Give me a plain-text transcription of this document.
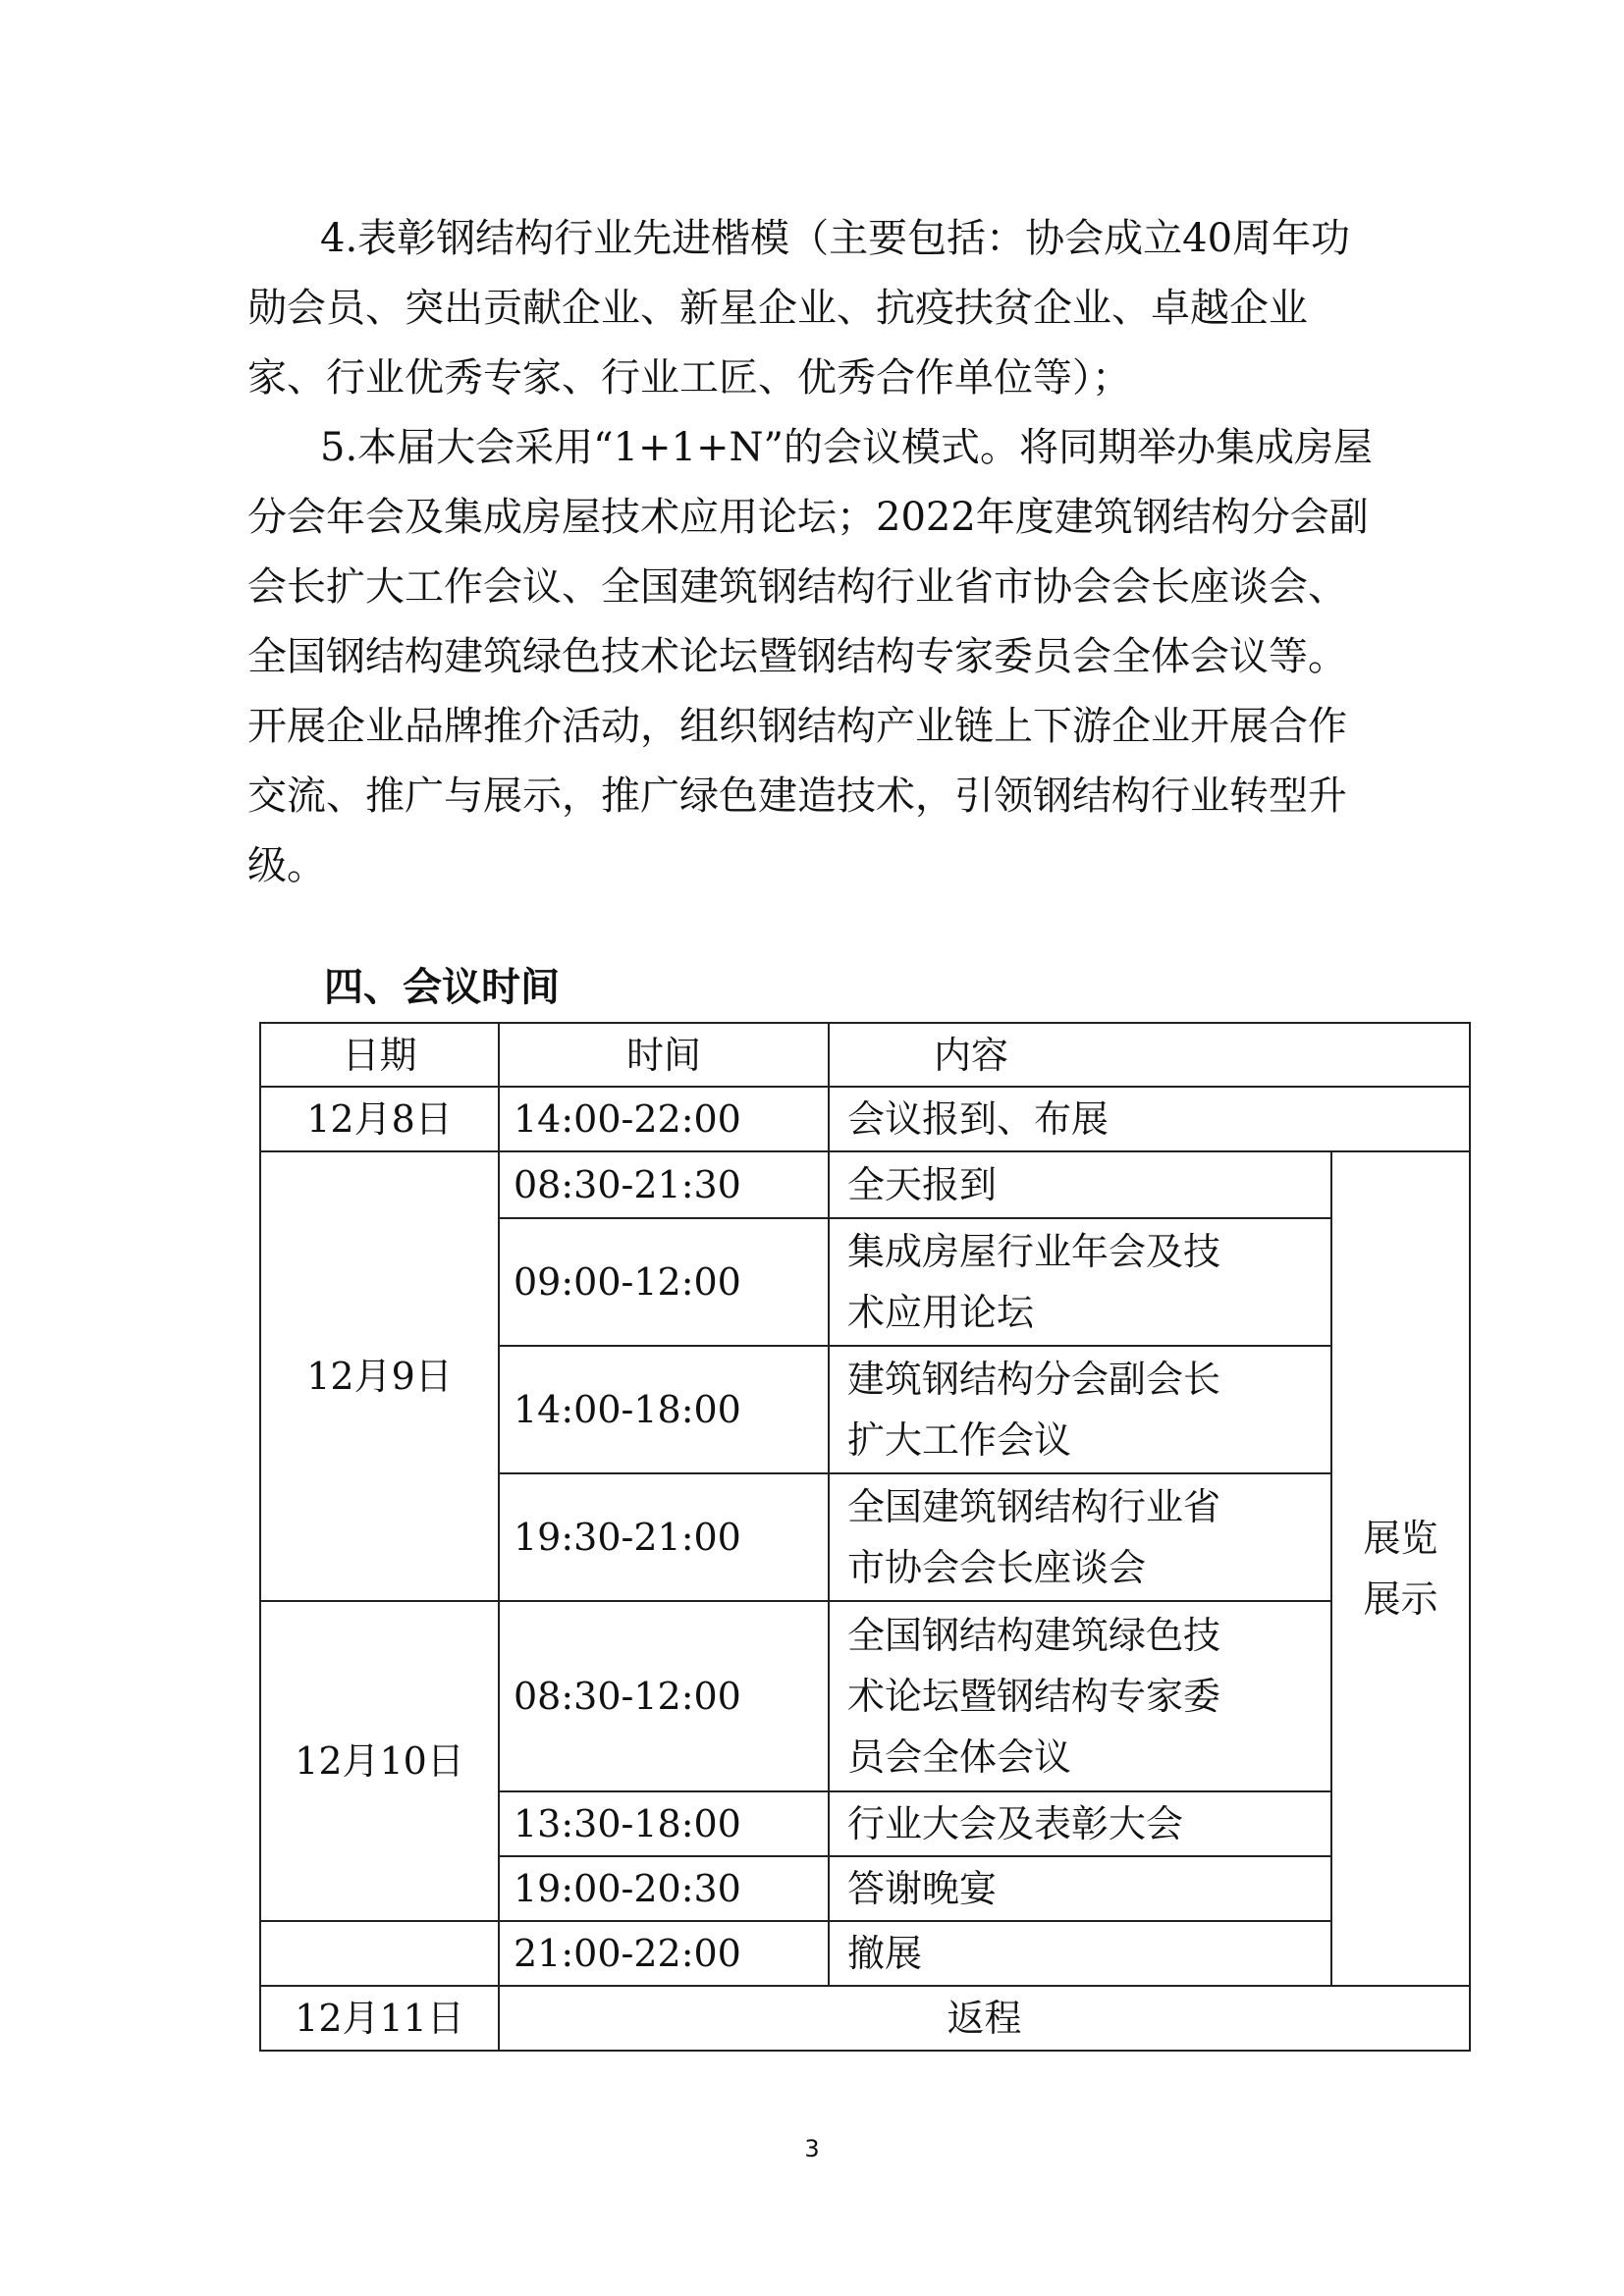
4.表彰钢结构行业先进楷模（主要包括：协会成立40周年功
勋会员、突出贡献企业、新星企业、抗疫扶贫企业、卓越企业
家、行业优秀专家、行业工匠、优秀合作单位等）；
5.本届大会采用“1+1+N”的会议模式。将同期举办集成房屋
分会年会及集成房屋技术应用论坛；2022年度建筑钢结构分会副
会长扩大工作会议、全国建筑钢结构行业省市协会会长座谈会、
全国钢结构建筑绿色技术论坛暨钢结构专家委员会全体会议等。
开展企业品牌推介活动，组织钢结构产业链上下游企业开展合作
交流、推广与展示，推广绿色建造技术，引领钢结构行业转型升
级。
四、会议时间
日期	时间	内容	
12月8日	14:00-22:00	会议报到、布展	
12月9日	08:30-21:30	全天报到	展览
展示

	09:00-12:00	集成房屋行业年会及技
术应用论坛	

	14:00-18:00	建筑钢结构分会副会长
扩大工作会议	

	19:30-21:00	全国建筑钢结构行业省
市协会会长座谈会	

12月10日	08:30-12:00	全国钢结构建筑绿色技
术论坛暨钢结构专家委
员会全体会议	

	13:30-18:00	行业大会及表彰大会	

	19:00-20:30	答谢晚宴	

	21:00-22:00	撤展	
12月11日	返程		

3
